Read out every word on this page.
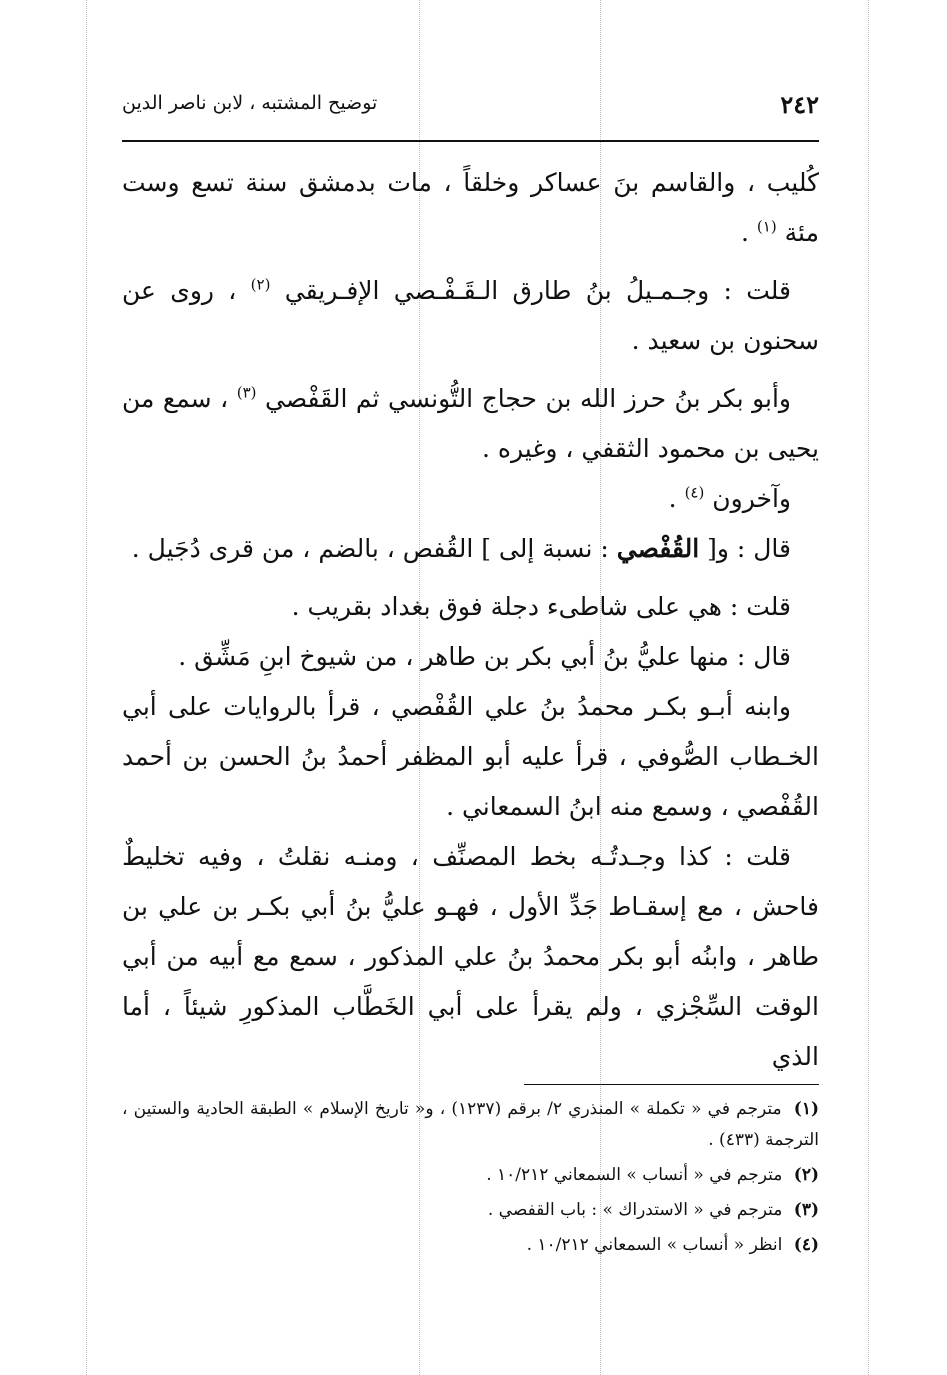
٢٤٢
توضيح المشتبه ، لابن ناصر الدين

كُليب ، والقاسم بنَ عساكر وخلقاً ، مات بدمشق سنة تسع وست مئة $^{(١)}$ .

قلت : وجـمـيلُ بنُ طارق الـقَـفْـصي الإفـريقي $^{(٢)}$ ، روى عن سحنون بن سعيد .

وأبو بكر بنُ حرز الله بن حجاج التُّونسي ثم القَفْصي $^{(٣)}$ ، سمع من يحيى بن محمود الثقفي ، وغيره .

وآخرون $^{(٤)}$ .

قال : و[ القُفْصي : نسبة إلى ] القُفص ، بالضم ، من قرى دُجَيل .

قلت : هي على شاطىء دجلة فوق بغداد بقريب .

قال : منها عليُّ بنُ أبي بكر بن طاهر ، من شيوخ ابنِ مَشِّق .

وابنه أبـو بكـر محمدُ بنُ علي القُفْصي ، قرأ بالروايات على أبي الخـطاب الصُّوفي ، قرأ عليه أبو المظفر أحمدُ بنُ الحسن بن أحمد القُفْصي ، وسمع منه ابنُ السمعاني .

قلت : كذا وجـدتُـه بخط المصنِّف ، ومنـه نقلتُ ، وفيه تخليطٌ فاحش ، مع إسقـاط جَدِّ الأول ، فهـو عليُّ بنُ أبي بكـر بن علي بن طاهر ، وابنُه أبو بكر محمدُ بنُ علي المذكور ، سمع مع أبيه من أبي الوقت السِّجْزي ، ولم يقرأ على أبي الخَطَّاب المذكورِ شيئاً ، أما الذي

(١) مترجم في « تكملة » المنذري ٢/ برقم (١٢٣٧) ، و« تاريخ الإسلام » الطبقة الحادية والستين ، الترجمة (٤٣٣) .
(٢) مترجم في « أنساب » السمعاني ١٠/٢١٢ .
(٣) مترجم في « الاستدراك » : باب القفصي .
(٤) انظر « أنساب » السمعاني ١٠/٢١٢ .
